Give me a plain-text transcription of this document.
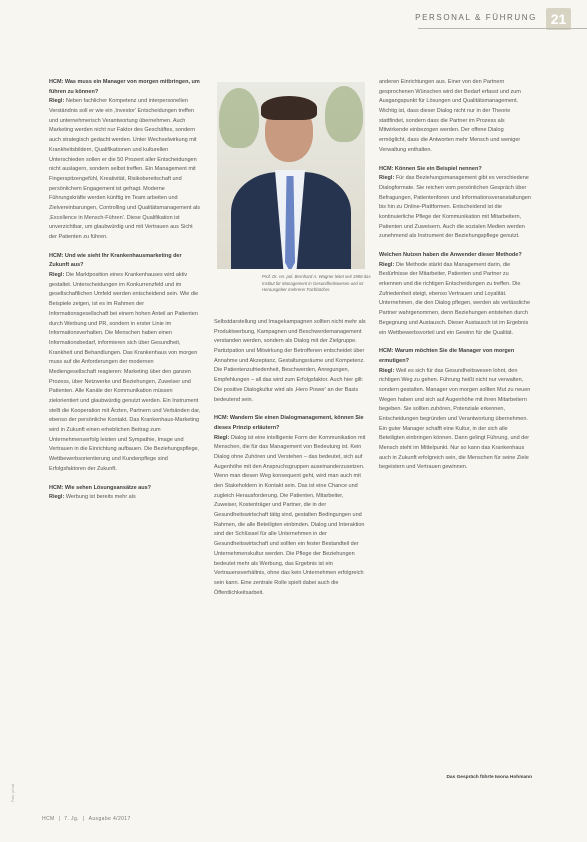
PERSONAL & FÜHRUNG 21

HCM: Was muss ein Manager von morgen mitbringen, um führen zu können?
Riegl: Neben fachlicher Kompetenz und interpersonellen Verständnis soll er wie ein ‚Investor' Entscheidungen treffen und unternehmerisch Verantwortung übernehmen. Auch Marketing werden nicht nur Faktor des Geschäftes, sondern auch strategisch gedacht werden. Unter Wechselwirkung mit Krankheitsbildern, Qualifikationen und kulturellen Unterschieden sollen er die 50 Prozent aller Entscheidungen nicht auslagern, sondern selbst treffen. Ein Management mit Fingerspitzengefühl, Kreativität, Risikobereitschaft und persönlichem Engagement ist gefragt. Moderne Führungskräfte werden künftig im Team arbeiten und Zielvereinbarungen, Controlling und Qualitätsmanagement als ‚Excellence in Mensch-Führen'. Diese Qualifikation ist unverzichtbar, um glaubwürdig und mit Vertrauen aus Sicht der Patienten zu führen.

HCM: Und wie sieht Ihr Krankenhausmarketing der Zukunft aus?
Riegl: Die Marktposition eines Krankenhauses wird aktiv gestaltet. Unterscheidungen im Konkurrenzfeld und im gesellschaftlichen Umfeld werden entscheidend sein. Wie die Beispiele zeigen, ist es im Rahmen der Informationsgesellschaft bei einem hohen Anteil an Patienten durch Werbung und PR, sondern in erster Linie im Informationsverhalten. Die Menschen haben einen Informationsbedarf, informieren sich über Gesundheit, Krankheit und Behandlungen. Das Krankenhaus von morgen muss auf die Anforderungen der modernen Mediengesellschaft reagieren: Marketing über den ganzen Prozess, über Netzwerke und Beziehungen, Zuweiser und Patienten. Alle Kanäle der Kommunikation müssen zielorientiert und glaubwürdig genutzt werden. Ein Instrument stellt die Kooperation mit Ärzten, Partnern und Verbänden dar, ebenso der persönliche Kontakt. Das Krankenhaus-Marketing wird in Zukunft einen erheblichen Beitrag zum Unternehmenserfolg leisten und Sympathie, Image und Vertrauen in die Einrichtung aufbauen. Die Beziehungspflege, Wettbewerbsorientierung und Kundenpflege sind Erfolgsfaktoren der Zukunft.

HCM: Wie sehen Lösungsansätze aus?
Riegl: Werbung ist bereits mehr als

Prof. Dr. rer. pol. Bernhard A. Wagner leitet seit 1988 das Institut für Management in Gesundheitswesen und ist Herausgeber mehrerer Fachbücher.

Selbstdarstellung und Imagekampagnen sollten nicht mehr als Produktwerbung, Kampagnen und Beschwerdemanagement verstanden werden, sondern als Dialog mit der Zielgruppe. Partizipation und Mitwirkung der Betroffenen entscheidet über Annahme und Akzeptanz, Gestaltungsräume und Kompetenz. Die Patientenzufriedenheit, Beschwerden, Anregungen, Empfehlungen – all das wird zum Erfolgsfaktor. Auch hier gilt: Die positive Dialogkultur wird als ‚Hero Power' an der Basis bedeutend sein.

HCM: Wandern Sie einen Dialogmanagement, können Sie dieses Prinzip erläutern?
Riegl: Dialog ist eine intelligente Form der Kommunikation mit Menschen, die für das Management von Bedeutung ist. Kein Dialog ohne Zuhören und Verstehen – das bedeutet, sich auf Augenhöhe mit den Anspruchsgruppen auseinanderzusetzen. Wenn man diesen Weg konsequent geht, wird man auch mit den Stakeholdern in Kontakt sein. Das ist eine Chance und zugleich Herausforderung. Die Patienten, Mitarbeiter, Zuweiser, Kostenträger und Partner, die in der Gesundheitswirtschaft tätig sind, gestalten Bedingungen und Rahmen, die alle Beteiligten einbinden. Dialog und Interaktion sind der Schlüssel für alle Unternehmen in der Gesundheitswirtschaft und sollten ein fester Bestandteil der Unternehmenskultur werden. Die Pflege der Beziehungen bedeutet mehr als Werbung, das Ergebnis ist ein Vertrauensverhältnis, ohne das kein Unternehmen erfolgreich sein kann. Eine zentrale Rolle spielt dabei auch die Öffentlichkeitsarbeit.

anderen Einrichtungen aus. Einer von den Partnern gesprochenen Wünschen wird der Bedarf erfasst und zum Ausgangspunkt für Lösungen und Qualitätsmanagement. Wichtig ist, dass dieser Dialog nicht nur in der Theorie stattfindet, sondern dass die Partner im Prozess als Mitwirkende einbezogen werden. Der offene Dialog ermöglicht, dass die Antworten mehr Mensch und weniger Verwaltung enthalten.

HCM: Können Sie ein Beispiel nennen?
Riegl: Für das Beziehungsmanagement gibt es verschiedene Dialogformate. Sie reichen vom persönlichen Gespräch über Befragungen, Patientenforen und Informationsveranstaltungen bis hin zu Online-Plattformen. Entscheidend ist die kontinuierliche Pflege der Kommunikation mit Mitarbeitern, Patienten und Zuweisern. Auch die sozialen Medien werden zunehmend als Instrument der Beziehungspflege genutzt.

Welchen Nutzen haben die Anwender dieser Methode?
Riegl: Die Methode stärkt das Management darin, die Bedürfnisse der Mitarbeiter, Patienten und Partner zu erkennen und die richtigen Entscheidungen zu treffen. Die Zufriedenheit steigt, ebenso Vertrauen und Loyalität. Unternehmen, die den Dialog pflegen, werden als verlässliche Partner wahrgenommen, denn Beziehungen entstehen durch Begegnung und Austausch. Dieser Austausch ist im Ergebnis ein Wettbewerbsvorteil und ein Gewinn für die Qualität.

HCM: Warum möchten Sie die Manager von morgen ermutigen?
Riegl: Weil es sich für das Gesundheitswesen lohnt, den richtigen Weg zu gehen. Führung heißt nicht nur verwalten, sondern gestalten. Manager von morgen sollten Mut zu neuen Wegen haben und sich auf Augenhöhe mit ihren Mitarbeitern begeben. Sie sollten zuhören, Potenziale erkennen, Entscheidungen begründen und Verantwortung übernehmen. Ein guter Manager schafft eine Kultur, in der sich alle Beteiligten einbringen können. Dann gelingt Führung, und der Mensch steht im Mittelpunkt. Nur so kann das Krankenhaus auch in Zukunft erfolgreich sein, die Menschen für seine Ziele begeistern und Vertrauen gewinnen.

Das Gespräch führte Iwona Hohmann
Foto: privat
HCM | 7. Jg. | Ausgabe 4/2017
